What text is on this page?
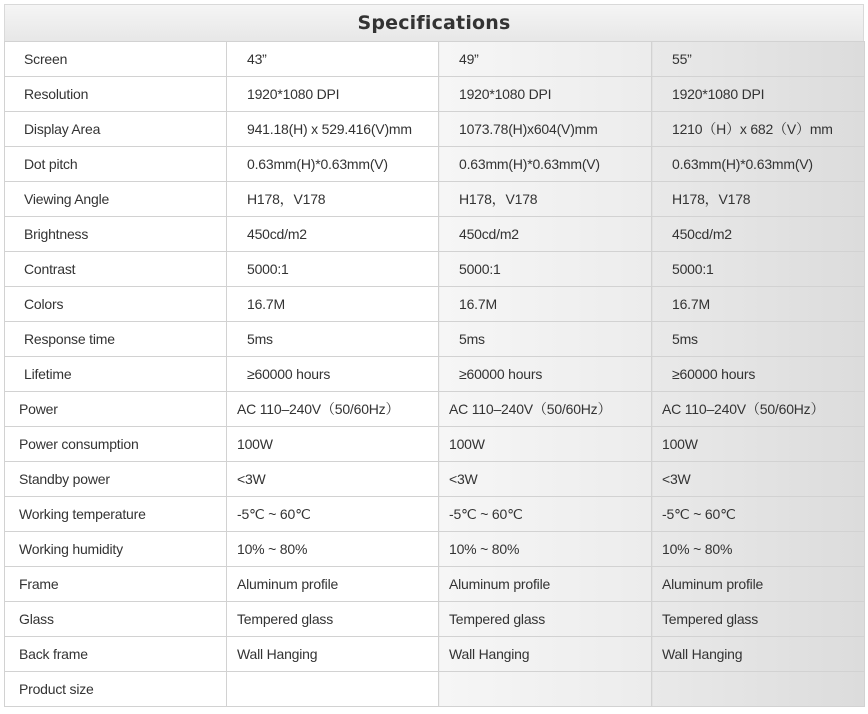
Specifications
Screen	43”	49”	55”
Resolution	1920*1080 DPI	1920*1080 DPI	1920*1080 DPI
Display Area	941.18(H) x 529.416(V)mm	1073.78(H)x604(V)mm	1210（H）x 682（V）mm
Dot pitch	0.63mm(H)*0.63mm(V)	0.63mm(H)*0.63mm(V)	0.63mm(H)*0.63mm(V)
Viewing Angle	H178，V178	H178，V178	H178，V178
Brightness	450cd/m2	450cd/m2	450cd/m2
Contrast	5000:1	5000:1	5000:1
Colors	16.7M	16.7M	16.7M
Response time	5ms	5ms	5ms
Lifetime	≥60000 hours	≥60000 hours	≥60000 hours
Power	AC 110–240V（50/60Hz）	AC 110–240V（50/60Hz）	AC 110–240V（50/60Hz）
Power consumption	100W	100W	100W
Standby power	<3W	<3W	<3W
Working temperature	-5℃ ~ 60℃	-5℃ ~ 60℃	-5℃ ~ 60℃
Working humidity	10% ~ 80%	10% ~ 80%	10% ~ 80%
Frame	Aluminum profile	Aluminum profile	Aluminum profile
Glass	Tempered glass	Tempered glass	Tempered glass
Back frame	Wall Hanging	Wall Hanging	Wall Hanging
Product size			
